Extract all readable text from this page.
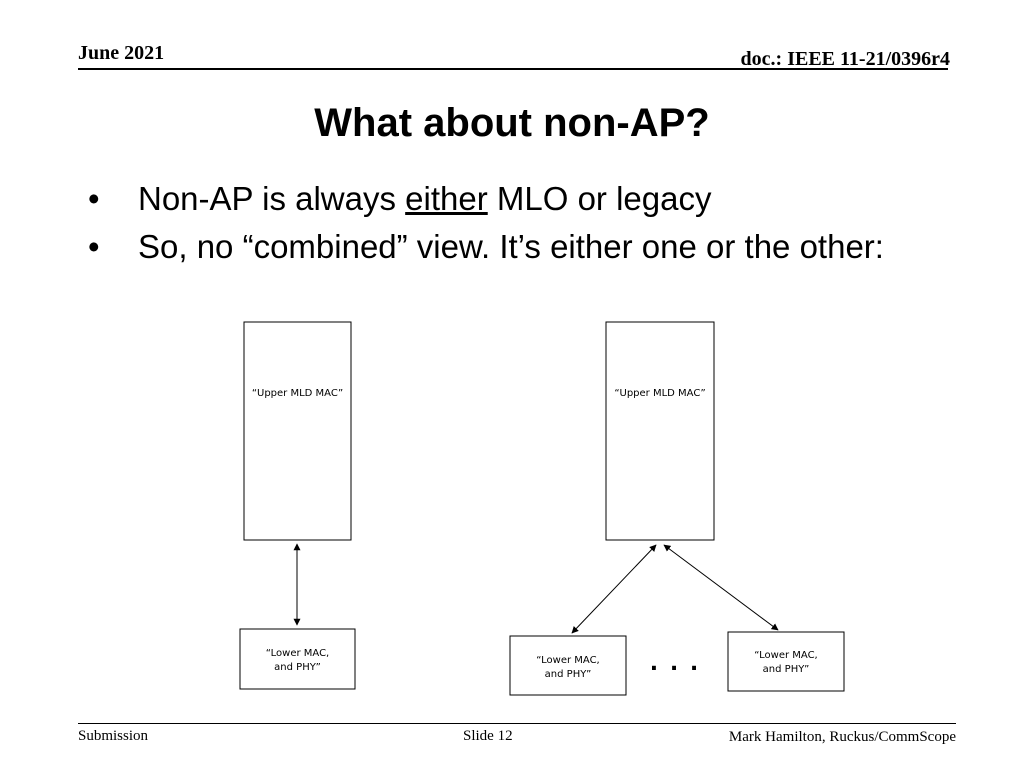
June 2021	doc.: IEEE 11-21/0396r4
What about non-AP?
• Non-AP is always either MLO or legacy
• So, no “combined” view. It’s either one or the other:
“Upper MLD MAC”
“Lower MAC,
and PHY”
“Upper MLD MAC”
“Lower MAC,
and PHY”	. . .	“Lower MAC,
and PHY”
Submission	Slide 12	Mark Hamilton, Ruckus/CommScope
